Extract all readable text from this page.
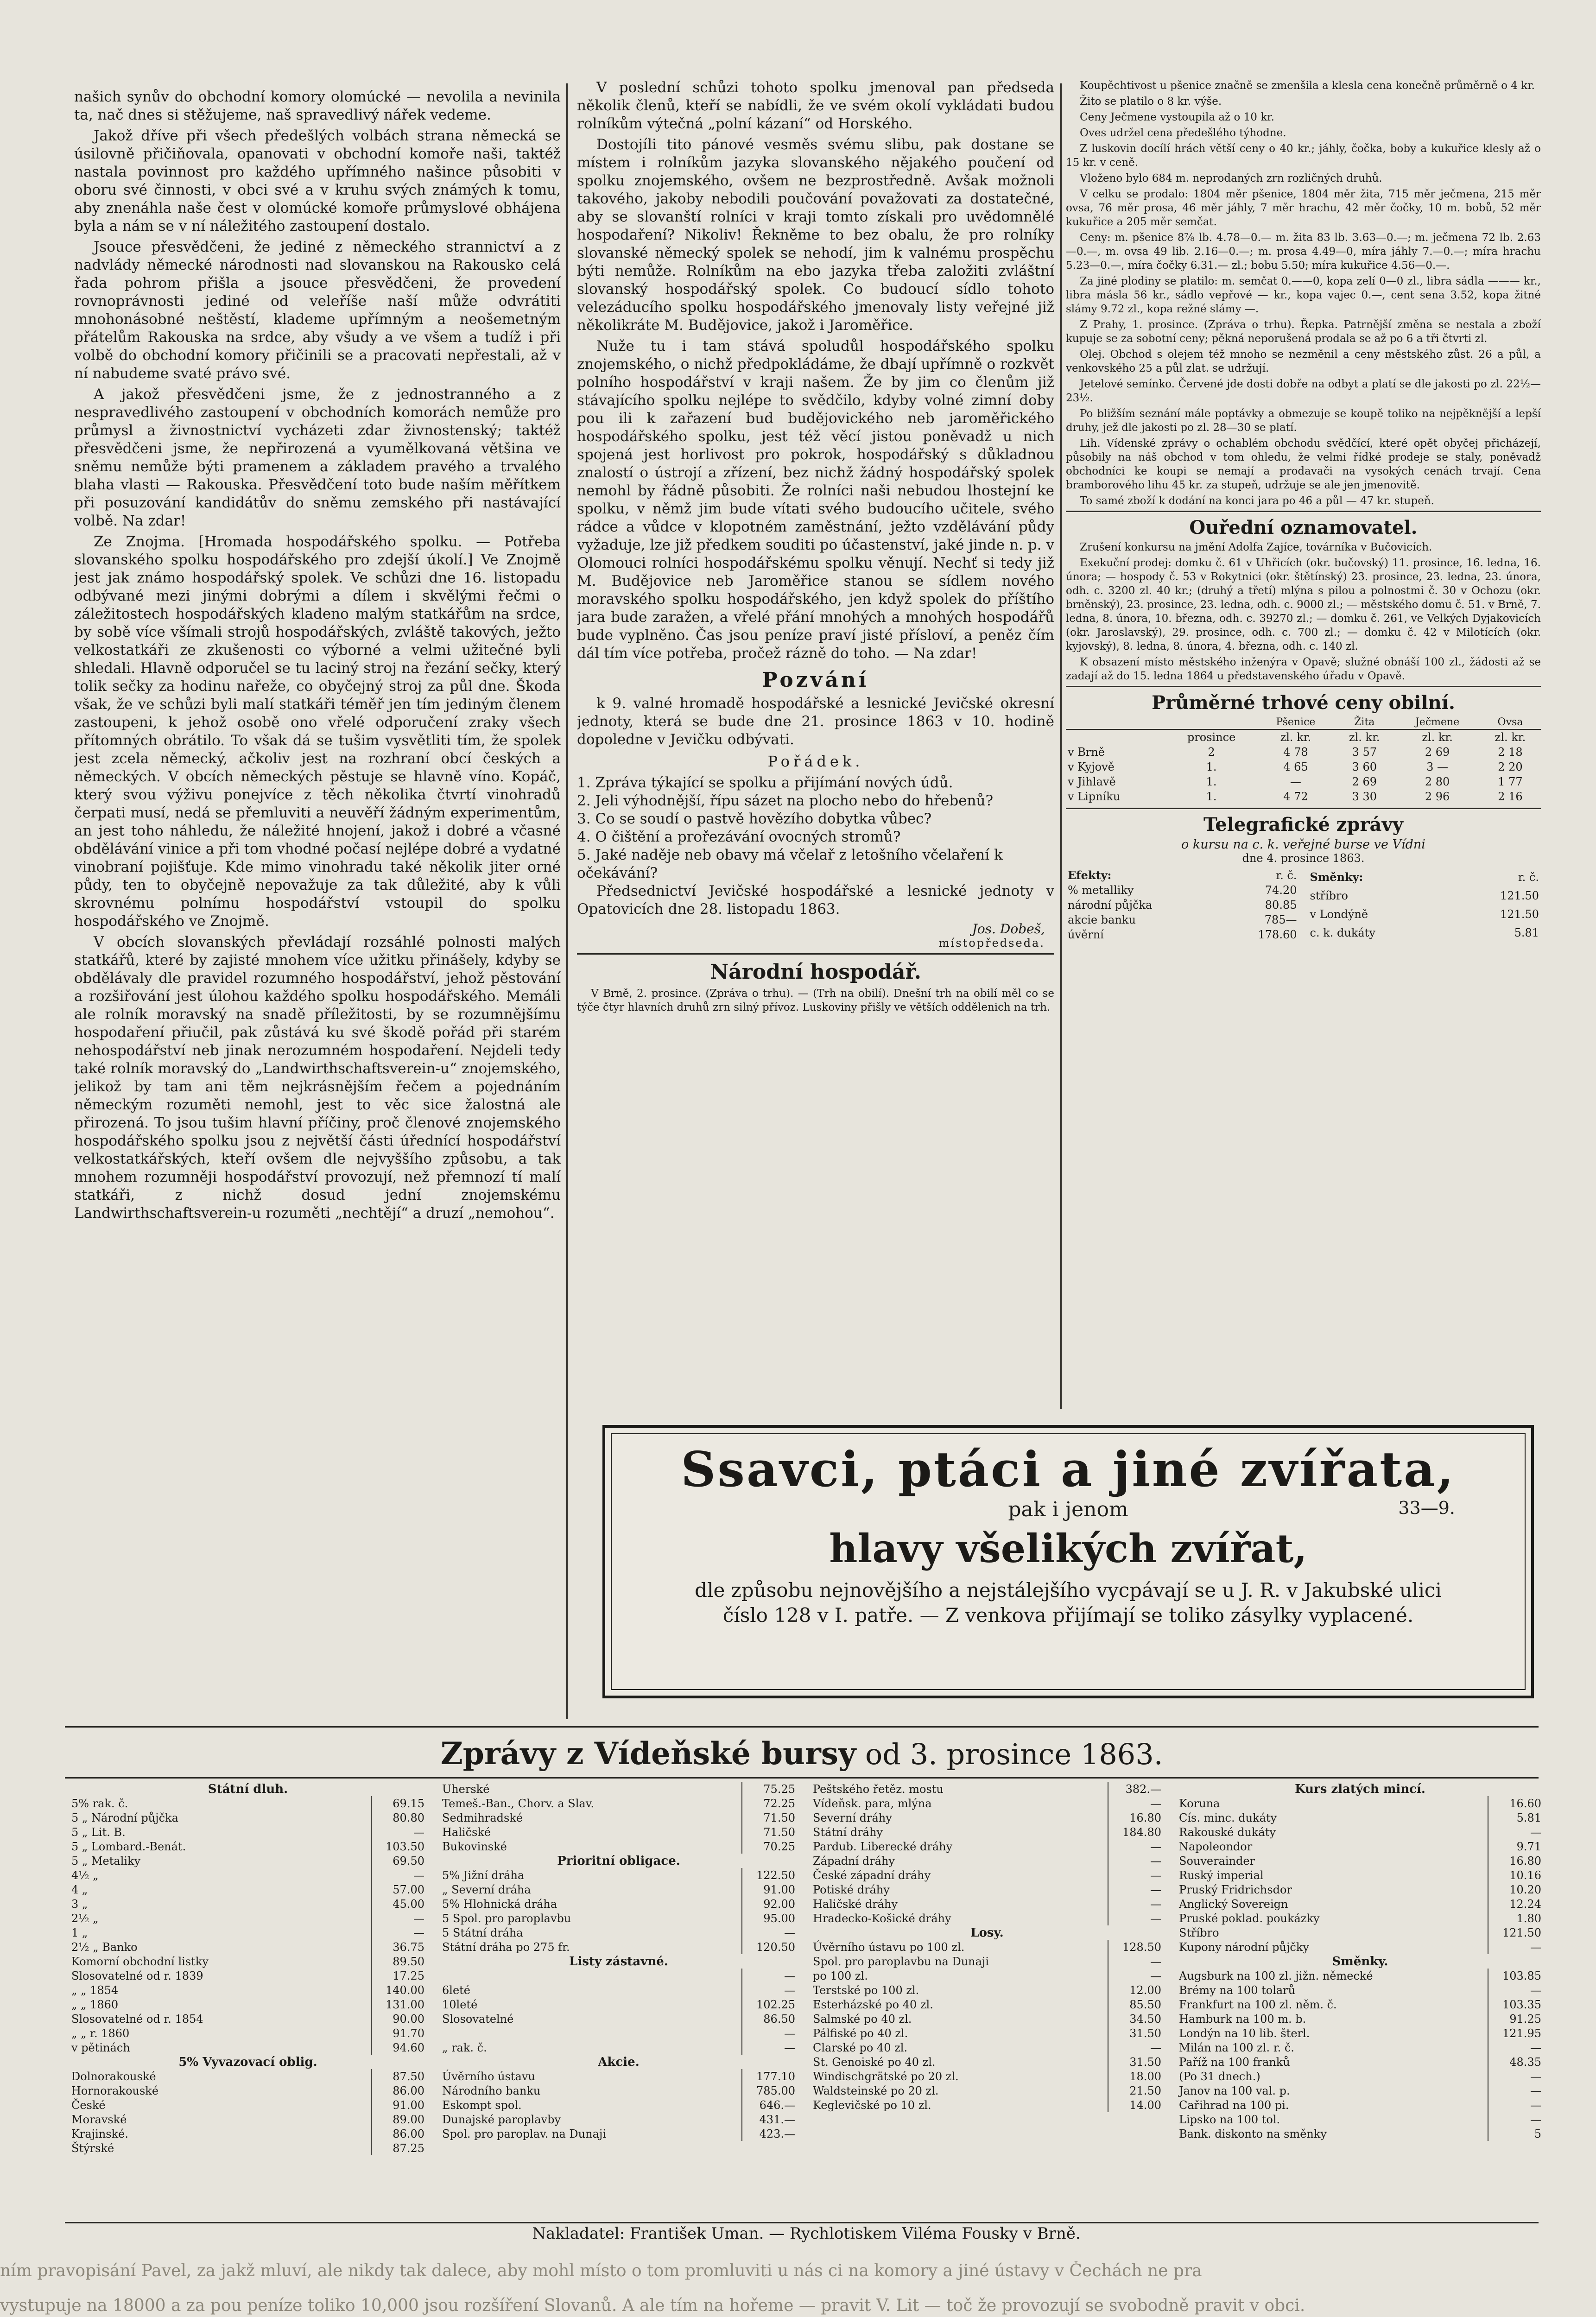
našich synův do obchodní komory olomúcké — nevolila a nevinila ta, nač dnes si stěžujeme, naš spravedlivý nářek vedeme.

Jakož dříve při všech předešlých volbách strana německá se úsilovně přičiňovala, opanovati v obchodní komoře naši, taktéž nastala povinnost pro každého upřímného našince působiti v oboru své činnosti, v obci své a v kruhu svých známých k tomu, aby znenáhla naše čest v olomúcké komoře průmyslové obhájena byla a nám se v ní náležitého zastoupení dostalo.

Jsouce přesvědčeni, že jediné z německého strannictví a z nadvlády německé národnosti nad slovanskou na Rakousko celá řada pohrom přišla a jsouce přesvědčeni, že provedení rovnoprávnosti jediné od veleříše naší může odvrátiti mnohonásobné neštěstí, klademe upřímným a neošemetným přátelům Rakouska na srdce, aby všudy a ve všem a tudíž i při volbě do obchodní komory přičinili se a pracovati nepřestali, až v ní nabudeme svaté právo své.

A jakož přesvědčeni jsme, že z jednostranného a z nespravedlivého zastoupení v obchodních komorách nemůže pro průmysl a živnostnictví vycházeti zdar živnostenský; taktéž přesvědčeni jsme, že nepřirozená a vyumělkovaná většina ve sněmu nemůže býti pramenem a základem pravého a trvalého blaha vlasti — Rakouska. Přesvědčení toto bude naším měřítkem při posuzování kandidátův do sněmu zemského při nastávající volbě. Na zdar!

Ze Znojma. [Hromada hospodářského spolku. — Potřeba slovanského spolku hospodářského pro zdejší úkolí.] Ve Znojmě jest jak známo hospodářský spolek. Ve schůzi dne 16. listopadu odbývané mezi jinými dobrými a dílem i skvělými řečmi o záležitostech hospodářských kladeno malým statkářům na srdce, by sobě více všímali strojů hospodářských, zvláště takových, ježto velkostatkáři ze zkušenosti co výborné a velmi užitečné byli shledali. Hlavně odporučel se tu laciný stroj na řezání sečky, který tolik sečky za hodinu nařeže, co obyčejný stroj za půl dne. Škoda však, že ve schůzi byli malí statkáři téměř jen tím jediným členem zastoupeni, k jehož osobě ono vřelé odporučení zraky všech přítomných obrátilo. To však dá se tušim vysvětliti tím, že spolek jest zcela německý, ačkoliv jest na rozhraní obcí českých a německých. V obcích německých pěstuje se hlavně víno. Kopáč, který svou výživu ponejvíce z těch několika čtvrtí vinohradů čerpati musí, nedá se přemluviti a neuvěří žádným experimentům, an jest toho náhledu, že náležité hnojení, jakož i dobré a včasné obdělávání vinice a při tom vhodné počasí nejlépe dobré a vydatné vinobraní pojišťuje. Kde mimo vinohradu také několik jiter orné půdy, ten to obyčejně nepovažuje za tak důležité, aby k vůli skrovnému polnímu hospodářství vstoupil do spolku hospodářského ve Znojmě.

V obcích slovanských převládají rozsáhlé polnosti malých statkářů, které by zajisté mnohem více užitku přinášely, kdyby se obdělávaly dle pravidel rozumného hospodářství, jehož pěstování a rozšiřování jest úlohou každého spolku hospodářského. Memáli ale rolník moravský na snadě příležitosti, by se rozumnějšímu hospodaření přiučil, pak zůstává ku své škodě pořád při starém nehospodářství neb jinak nerozumném hospodaření. Nejdeli tedy také rolník moravský do „Landwirthschaftsverein-u“ znojemského, jelikož by tam ani těm nejkrásnějším řečem a pojednáním německým rozuměti nemohl, jest to věc sice žalostná ale přirozená. To jsou tušim hlavní příčiny, proč členové znojemského hospodářského spolku jsou z největší části úřednící hospodářství velkostatkářských, kteří ovšem dle nejvyššího způsobu, a tak mnohem rozumněji hospodářství provozují, než přemnozí tí malí statkáři, z nichž dosud jední znojemskému Landwirthschaftsverein-u rozuměti „nechtějí“ a druzí „nemohou“.

V poslední schůzi tohoto spolku jmenoval pan předseda několik členů, kteří se nabídli, že ve svém okolí vykládati budou rolníkům výtečná „polní kázaní“ od Horského.

Dostojíli tito pánové vesměs svému slibu, pak dostane se místem i rolníkům jazyka slovanského nějakého poučení od spolku znojemského, ovšem ne bezprostředně. Avšak možnoli takového, jakoby nebodili poučování považovati za dostatečné, aby se slovanští rolníci v kraji tomto získali pro uvědomnělé hospodaření? Nikoliv! Řekněme to bez obalu, že pro rolníky slovanské německý spolek se nehodí, jim k valnému prospěchu býti nemůže. Rolníkům na ebo jazyka třeba založiti zvláštní slovanský hospodářský spolek. Co budoucí sídlo tohoto velezáducího spolku hospodářského jmenovaly listy veřejné již několikráte M. Budějovice, jakož i Jaroměřice.

Nuže tu i tam stává spoludůl hospodářského spolku znojemského, o nichž předpokládáme, že dbají upřímně o rozkvět polního hospodářství v kraji našem. Že by jim co členům již stávajícího spolku nejlépe to svědčilo, kdyby volné zimní doby pou ili k zařazení bud budějovického neb jaroměřického hospodářského spolku, jest též věcí jistou poněvadž u nich spojená jest horlivost pro pokrok, hospodářský s důkladnou znalostí o ústrojí a zřízení, bez nichž žádný hospodářský spolek nemohl by řádně působiti. Že rolníci naši nebudou lhostejní ke spolku, v němž jim bude vítati svého budoucího učitele, svého rádce a vůdce v klopotném zaměstnání, ježto vzdělávání půdy vyžaduje, lze již předkem souditi po účastenství, jaké jinde n. p. v Olomouci rolníci hospodářskému spolku věnují. Nechť si tedy již M. Budějovice neb Jaroměřice stanou se sídlem nového moravského spolku hospodářského, jen když spolek do příštího jara bude zaražen, a vřelé přání mnohých a mnohých hospodářů bude vyplněno. Čas jsou peníze praví jisté přísloví, a peněz čím dál tím více potřeba, pročež rázně do toho. — Na zdar!

Pozvání

k 9. valné hromadě hospodářské a lesnické Jevičské okresní jednoty, která se bude dne 21. prosince 1863 v 10. hodině dopoledne v Jevičku odbývati.

Pořádek.
1. Zpráva týkající se spolku a přijímání nových údů.
2. Jeli výhodnější, řípu sázet na plocho nebo do hřebenů?
3. Co se soudí o pastvě hovězího dobytka vůbec?
4. O čištění a prořezávání ovocných stromů?
5. Jaké naděje neb obavy má včelař z letošního včelaření k očekávání?

Předsednictví Jevičské hospodářské a lesnické jednoty v Opatovicích dne 28. listopadu 1863.

Jos. Dobeš,
místopředseda.
Národní hospodář.

V Brně, 2. prosince. (Zpráva o trhu). — (Trh na obilí). Dnešní trh na obilí měl co se týče čtyr hlavních druhů zrn silný přívoz. Luskoviny přišly ve větších oddělenich na trh.

Koupěchtivost u pšenice značně se zmenšila a klesla cena konečně průměrně o 4 kr.

Žito se platilo o 8 kr. výše.

Ceny Ječmene vystoupila až o 10 kr.

Oves udržel cena předešlého týhodne.

Z luskovin docílí hrách větší ceny o 40 kr.; jáhly, čočka, boby a kukuřice klesly až o 15 kr. v ceně.

Vloženo bylo 684 m. neprodaných zrn rozličných druhů.

V celku se prodalo: 1804 měr pšenice, 1804 měr žita, 715 měr ječmena, 215 měr ovsa, 76 měr prosa, 46 měr jáhly, 7 měr hrachu, 42 měr čočky, 10 m. bobů, 52 měr kukuřice a 205 měr semčat.

Ceny: m. pšenice 8⅞ lb. 4.78—0.— m. žita 83 lb. 3.63—0.—; m. ječmena 72 lb. 2.63—0.—, m. ovsa 49 lib. 2.16—0.—; m. prosa 4.49—0, míra jáhly 7.—0.—; míra hrachu 5.23—0.—, míra čočky 6.31.— zl.; bobu 5.50; míra kukuřice 4.56—0.—.

Za jiné plodiny se platilo: m. semčat 0.——0, kopa zelí 0—0 zl., libra sádla ——— kr., libra másla 56 kr., sádlo vepřové — kr., kopa vajec 0.—, cent sena 3.52, kopa žitné slámy 9.72 zl., kopa režné slámy —.

Z Prahy, 1. prosince. (Zpráva o trhu). Řepka. Patrnější změna se nestala a zboží kupuje se za sobotní ceny; pěkná neporušená prodala se až po 6 a tři čtvrti zl.

Olej. Obchod s olejem též mnoho se nezměnil a ceny městského zůst. 26 a půl, a venkovského 25 a půl zlat. se udržují.

Jetelové semínko. Červené jde dosti dobře na odbyt a platí se dle jakosti po zl. 22½—23½.

Po bližším seznání mále poptávky a obmezuje se koupě toliko na nejpěknější a lepší druhy, jež dle jakosti po zl. 28—30 se platí.

Lih. Vídenské zprávy o ochablém obchodu svědčící, které opět obyčej přicházejí, působily na náš obchod v tom ohledu, že velmi řídké prodeje se staly, poněvadž obchodníci ke koupi se nemají a prodavači na vysokých cenách trvají. Cena bramborového lihu 45 kr. za stupeň, udržuje se ale jen jmenovitě.

To samé zboží k dodání na konci jara po 46 a půl — 47 kr. stupeň.

Ouřední oznamovatel.

Zrušení konkursu na jmění Adolfa Zajíce, továrníka v Bučovicích.

Exekuční prodej: domku č. 61 v Uhřicích (okr. bučovský) 11. prosince, 16. ledna, 16. února; — hospody č. 53 v Rokytnici (okr. štětínský) 23. prosince, 23. ledna, 23. února, odh. c. 3200 zl. 40 kr.; (druhý a třetí) mlýna s pilou a polnostmi č. 30 v Ochozu (okr. brněnský), 23. prosince, 23. ledna, odh. c. 9000 zl.; — městského domu č. 51. v Brně, 7. ledna, 8. února, 10. března, odh. c. 39270 zl.; — domku č. 261, ve Velkých Dyjakovicích (okr. Jaroslavský), 29. prosince, odh. c. 700 zl.; — domku č. 42 v Milotících (okr. kyjovský), 8. ledna, 8. února, 4. března, odh. c. 140 zl.

K obsazení místo městského inženýra v Opavě; služné obnáší 100 zl., žádosti až se zadají až do 15. ledna 1864 u představenského úřadu v Opavě.

Průměrné trhové ceny obilní.
		Pšenice	Žita	Ječmene	Ovsa
	prosince	zl. kr.	zl. kr.	zl. kr.	zl. kr.
v Brně	2	4 78	3 57	2 69	2 18
v Kyjově	1.	4 65	3 60	3 —	2 20
v Jihlavě	1.	—	2 69	2 80	1 77
v Lipníku	1.	4 72	3 30	2 96	2 16
Telegrafické zprávy
o kursu na c. k. veřejné burse ve Vídni
dne 4. prosince 1863.
Efekty:	r. č.
% metalliky	74.20
národní půjčka	80.85
akcie banku	785—
úvěrní	178.60
Směnky:	r. č.
stříbro	121.50
v Londýně	121.50
c. k. dukáty	5.81
Ssavci, ptáci a jiné zvířata,
pak i jenom	33—9.
hlavy všelikých zvířat,
dle způsobu nejnovějšího a nejstálejšího vycpávají se u J. R. v Jakubské ulici
číslo 128 v I. patře. — Z venkova přijímají se toliko zásylky vyplacené.
Zprávy z Vídeňské bursy od 3. prosince 1863.
Státní dluh.	
5% rak. č.	69.15
5 „ Národní půjčka	80.80
5 „ Lit. B.	—
5 „ Lombard.-Benát.	103.50
5 „ Metaliky	69.50
4½ „	—
4 „	57.00
3 „	45.00
2½ „	—
1 „	—
2½ „ Banko	36.75
Komorní obchodní listky	89.50
Slosovatelné od r. 1839	17.25
„ „ 1854	140.00
„ „ 1860	131.00
Slosovatelné od r. 1854	90.00
„ „ r. 1860	91.70
v pětinách	94.60
5% Vyvazovací oblig.	
Dolnorakouské	87.50
Hornorakouské	86.00
České	91.00
Moravské	89.00
Krajinské.	86.00
Štýrské	87.25
Uherské	75.25
Temeš.-Ban., Chorv. a Slav.	72.25
Sedmihradské	71.50
Haličské	71.50
Bukovinské	70.25
Prioritní obligace.	
5% Jižní dráha	122.50
„ Severní dráha	91.00
5% Hlohnická dráha	92.00
5 Spol. pro paroplavbu	95.00
5 Státní dráha	—
Státní dráha po 275 fr.	120.50
Listy zástavné.	
	—
6leté	—
10leté	102.25
Slosovatelné	86.50
	—
„ rak. č.	—
Akcie.	
Úvěrního ústavu	177.10
Národního banku	785.00
Eskompt spol.	646.—
Dunajské paroplavby	431.—
Spol. pro paroplav. na Dunaji	423.—
Peštského řetěz. mostu	382.—
Vídeňsk. para, mlýna	—
Severní dráhy	16.80
Státní dráhy	184.80
Pardub. Liberecké dráhy	—
Západní dráhy	—
České západní dráhy	—
Potiské dráhy	—
Haličské dráhy	—
Hradecko-Košické dráhy	—
Losy.	
Úvěrního ústavu po 100 zl.	128.50
Spol. pro paroplavbu na Dunaji	—
po 100 zl.	—
Terstské po 100 zl.	12.00
Esterházské po 40 zl.	85.50
Salmské po 40 zl.	34.50
Pálfiské po 40 zl.	31.50
Clarské po 40 zl.	—
St. Genoiské po 40 zl.	31.50
Windischgrätské po 20 zl.	18.00
Waldsteinské po 20 zl.	21.50
Keglevičské po 10 zl.	14.00
Kurs zlatých mincí.	
Koruna	16.60
Cís. minc. dukáty	5.81
Rakouské dukáty	—
Napoleondor	9.71
Souverainder	16.80
Ruský imperial	10.16
Pruský Fridrichsdor	10.20
Anglický Sovereign	12.24
Pruské poklad. poukázky	1.80
Stříbro	121.50
Kupony národní půjčky	—
Směnky.	
Augsburk na 100 zl. jižn. německé	103.85
Brémy na 100 tolarů	—
Frankfurt na 100 zl. něm. č.	103.35
Hamburk na 100 m. b.	91.25
Londýn na 10 lib. šterl.	121.95
Milán na 100 zl. r. č.	—
Paříž na 100 franků	48.35
(Po 31 dnech.)	—
Janov na 100 val. p.	—
Cařihrad na 100 pi.	—
Lipsko na 100 tol.	—
Bank. diskonto na směnky	5
Nakladatel: František Uman. — Rychlotiskem Viléma Fousky v Brně.
ním pravopisání Pavel, za jakž mluví, ale nikdy tak dalece, aby mohl místo o tom promluviti u nás ci na komory a jiné ústavy v Čechách ne pra
vystupuje na 18000 a za pou peníze toliko 10,000 jsou rozšíření Slovanů. A ale tím na hořeme — pravit V. Lit — toč že provozují se svobodně pravit v obci.
